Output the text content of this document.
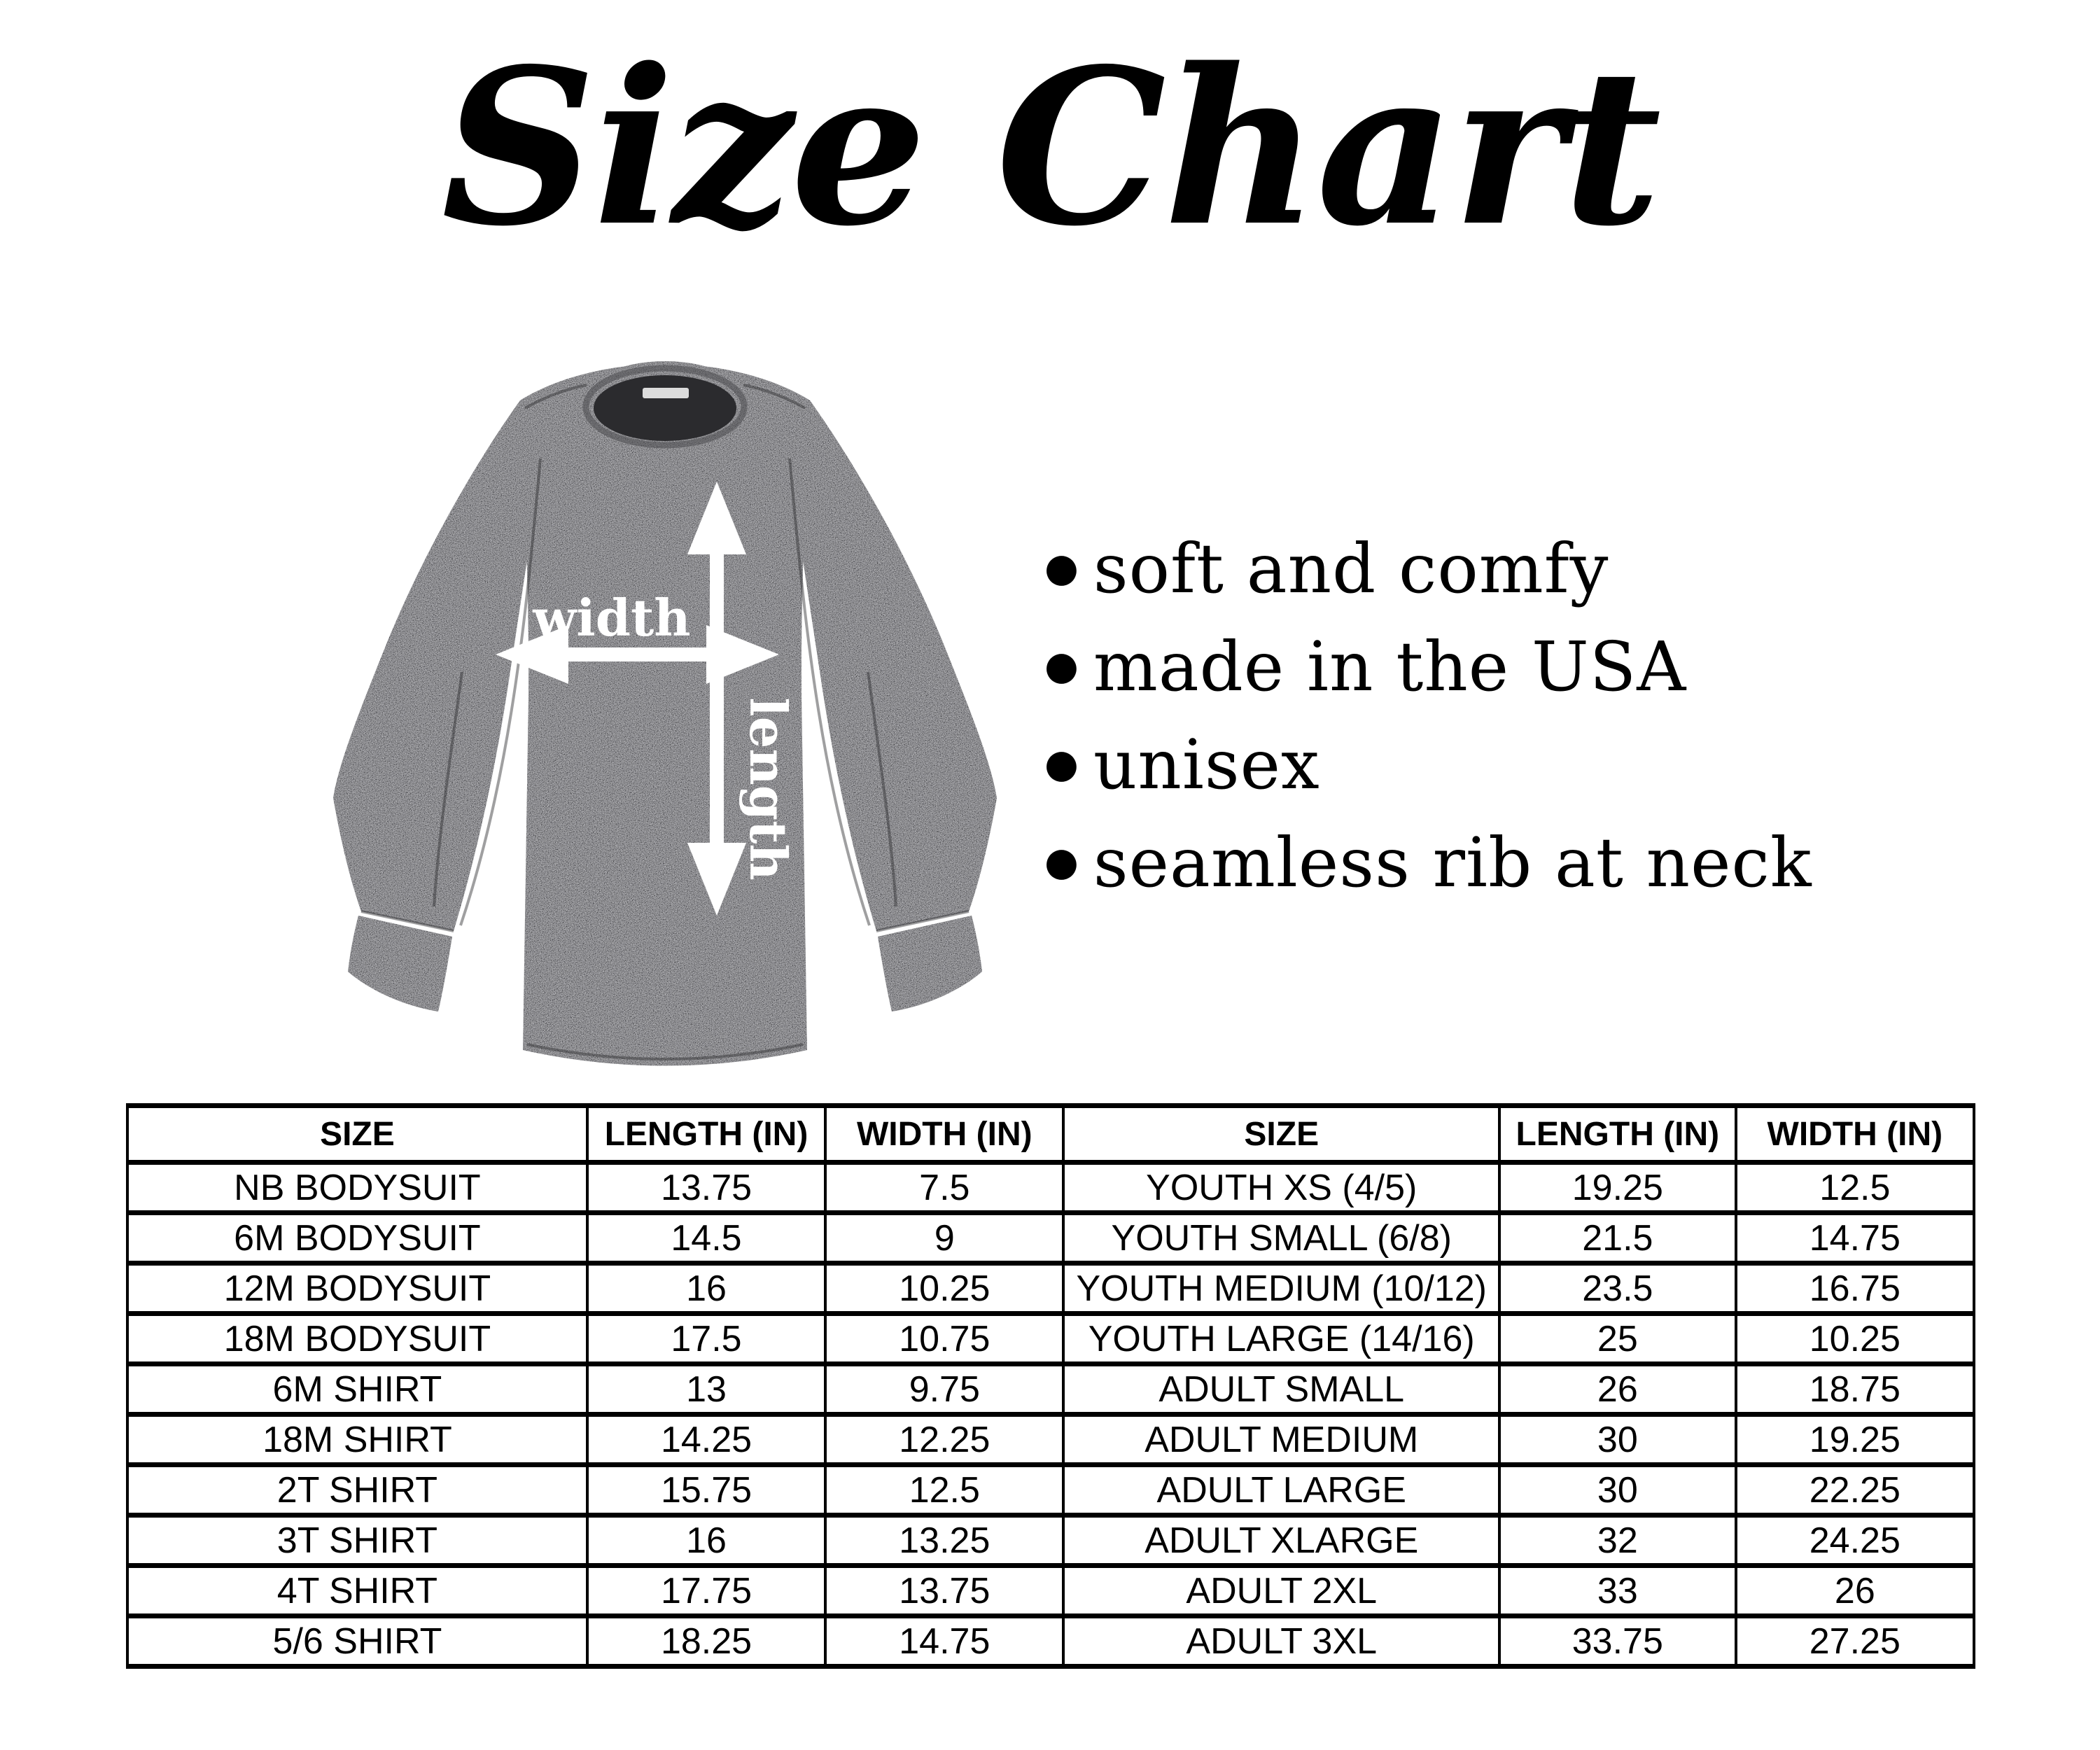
Size Chart
width
length
● soft and comfy
● made in the USA
● unisex
● seamless rib at neck
SIZE	LENGTH (IN)	WIDTH (IN)	SIZE	LENGTH (IN)	WIDTH (IN)
NB BODYSUIT	13.75	7.5	YOUTH XS (4/5)	19.25	12.5
6M BODYSUIT	14.5	9	YOUTH SMALL (6/8)	21.5	14.75
12M BODYSUIT	16	10.25	YOUTH MEDIUM (10/12)	23.5	16.75
18M BODYSUIT	17.5	10.75	YOUTH LARGE (14/16)	25	10.25
6M SHIRT	13	9.75	ADULT SMALL	26	18.75
18M SHIRT	14.25	12.25	ADULT MEDIUM	30	19.25
2T SHIRT	15.75	12.5	ADULT LARGE	30	22.25
3T SHIRT	16	13.25	ADULT XLARGE	32	24.25
4T SHIRT	17.75	13.75	ADULT 2XL	33	26
5/6 SHIRT	18.25	14.75	ADULT 3XL	33.75	27.25
